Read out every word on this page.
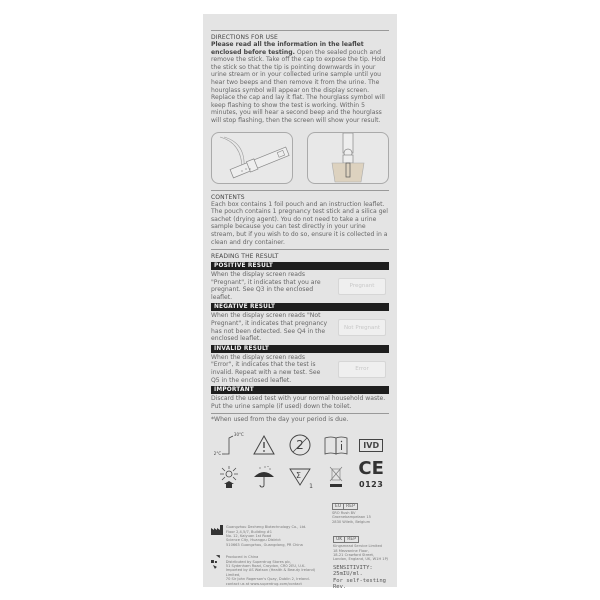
DIRECTIONS FOR USE

Please read all the information in the leaflet enclosed before testing. Open the sealed pouch and remove the stick. Take off the cap to expose the tip. Hold the stick so that the tip is pointing downwards in your urine stream or in your collected urine sample until you hear two beeps and then remove it from the urine. The hourglass symbol will appear on the display screen. Replace the cap and lay it flat. The hourglass symbol will keep flashing to show the test is working. Within 5 minutes, you will hear a second beep and the hourglass will stop flashing, then the screen will show your result.

CONTENTS

Each box contains 1 foil pouch and an instruction leaflet. The pouch contains 1 pregnancy test stick and a silica gel sachet (drying agent). You do not need to take a urine sample because you can test directly in your urine stream, but if you wish to do so, ensure it is collected in a clean and dry container.

READING THE RESULT
POSITIVE RESULT

When the display screen reads "Pregnant", it indicates that you are pregnant. See Q3 in the enclosed leaflet.

Pregnant
NEGATIVE RESULT

When the display screen reads "Not Pregnant", it indicates that pregnancy has not been detected. See Q4 in the enclosed leaflet.

Not Pregnant
INVALID RESULT

When the display screen reads "Error", it indicates that the test is invalid. Repeat with a new test. See Q5 in the enclosed leaflet.

Error
IMPORTANT

Discard the used test with your normal household waste. Put the urine sample (if used) down the toilet.

*When used from the day your period is due.

30°C
2°C
2	IVD
Σ
1
CE
0123
EU	REP
SRO Rush BV
Groenebampelaan 15
2830 Wileik, Belgium
Guangzhou Decheng Biotechnology Co., Ltd.
Floor 2,4,5/7, Building #1
No. 12, Kaiyuan 1st Road
Science City, Huangpu District
510663 Guangzhou, Guangdong, PR China
Produced in China
Distributed by Superdrug Stores plc,
51 Sydenham Road, Croydon, CR0 2EU, U.K.
Imported by AS Watson (Health & Beauty Ireland) Limited,
70 Sir John Rogerson's Quay, Dublin 2, Ireland.
contact us at www.superdrug.com/contact
UK	REP
Kingsmead Service Limited
18 Mezzanine Floor,
18-21 Crawford Street,
London, England, UK, W1H 1PJ
SENSITIVITY:
25mIU/ml.
For self-testing
Rev.
